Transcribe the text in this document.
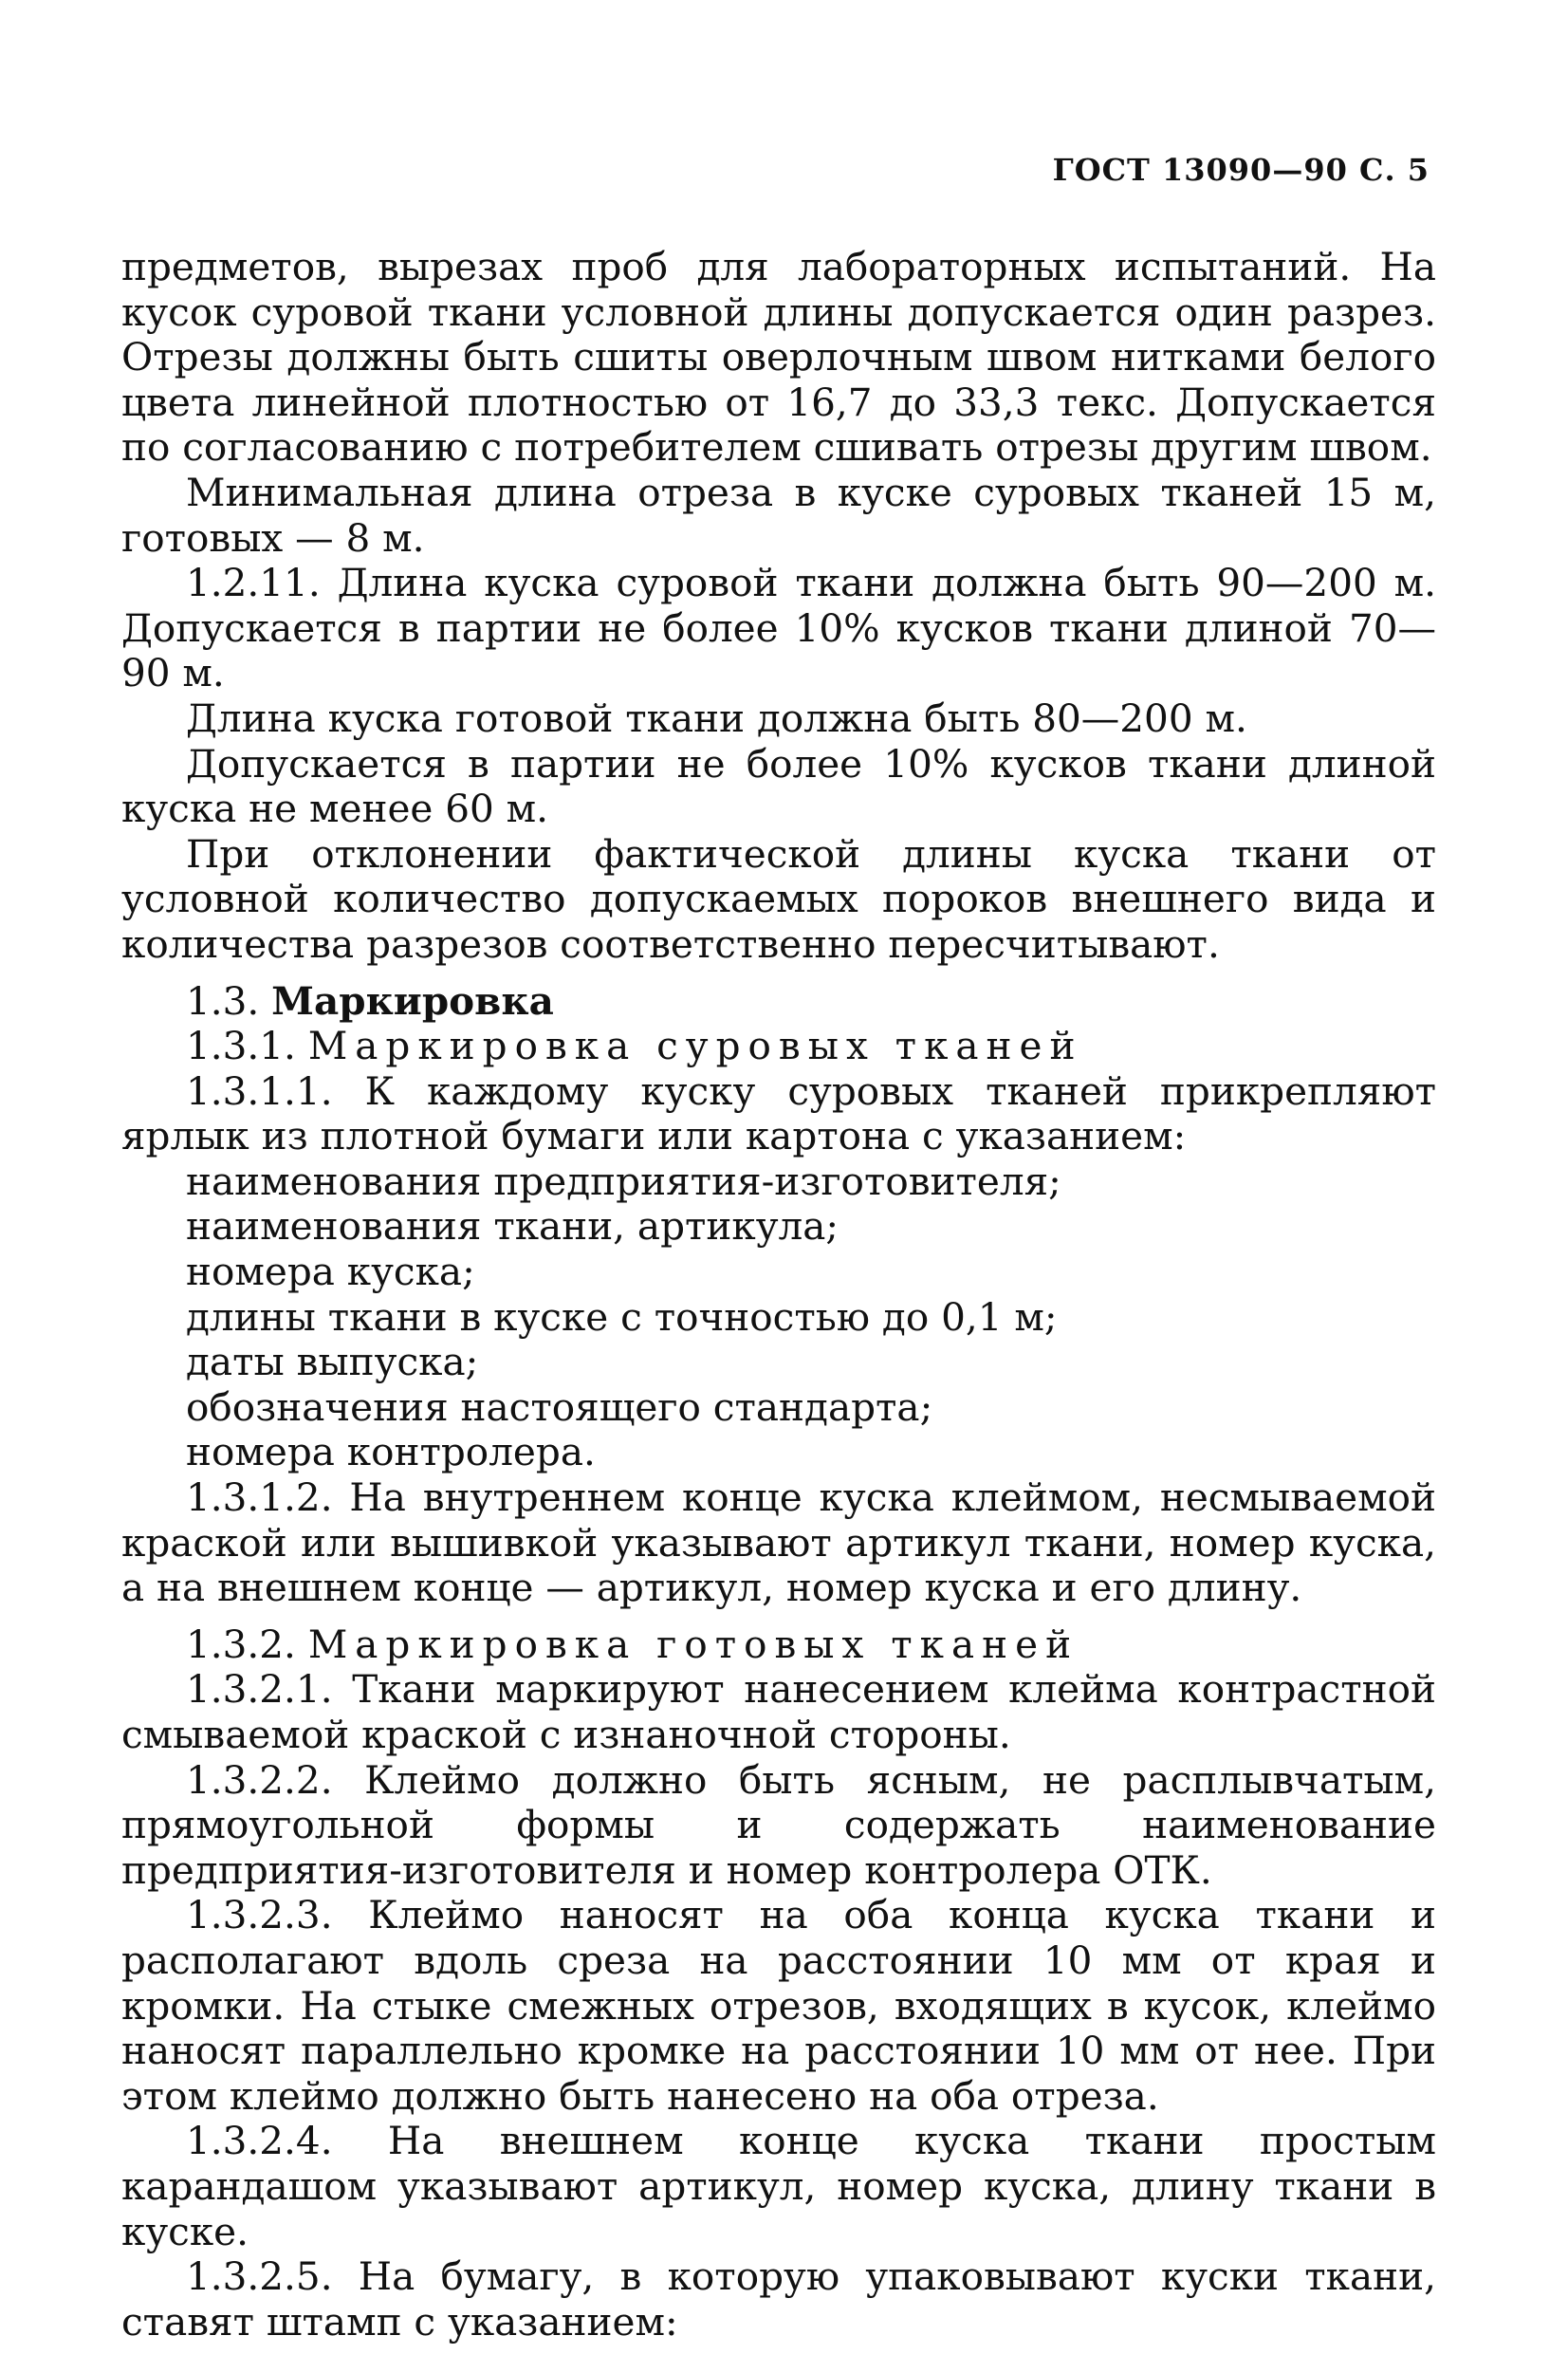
ГОСТ 13090—90 С. 5

предметов, вырезах проб для лабораторных испытаний. На кусок суровой ткани условной длины допускается один разрез. Отрезы должны быть сшиты оверлочным швом нитками белого цвета линейной плотностью от 16,7 до 33,3 текс. Допускается по согласованию с потребителем сшивать отрезы другим швом.

Минимальная длина отреза в куске суровых тканей 15 м, готовых — 8 м.

1.2.11. Длина куска суровой ткани должна быть 90—200 м. Допускается в партии не более 10% кусков ткани длиной 70—90 м.

Длина куска готовой ткани должна быть 80—200 м.

Допускается в партии не более 10% кусков ткани длиной куска не менее 60 м.

При отклонении фактической длины куска ткани от условной количество допускаемых пороков внешнего вида и количества разрезов соответственно пересчитывают.

1.3. Маркировка

1.3.1. Маркировка суровых тканей

1.3.1.1. К каждому куску суровых тканей прикрепляют ярлык из плотной бумаги или картона с указанием:

наименования предприятия-изготовителя;

наименования ткани, артикула;

номера куска;

длины ткани в куске с точностью до 0,1 м;

даты выпуска;

обозначения настоящего стандарта;

номера контролера.

1.3.1.2. На внутреннем конце куска клеймом, несмываемой краской или вышивкой указывают артикул ткани, номер куска, а на внешнем конце — артикул, номер куска и его длину.

1.3.2. Маркировка готовых тканей

1.3.2.1. Ткани маркируют нанесением клейма контрастной смываемой краской с изнаночной стороны.

1.3.2.2. Клеймо должно быть ясным, не расплывчатым, прямоугольной формы и содержать наименование предприятия-изготовителя и номер контролера ОТК.

1.3.2.3. Клеймо наносят на оба конца куска ткани и располагают вдоль среза на расстоянии 10 мм от края и кромки. На стыке смежных отрезов, входящих в кусок, клеймо наносят параллельно кромке на расстоянии 10 мм от нее. При этом клеймо должно быть нанесено на оба отреза.

1.3.2.4. На внешнем конце куска ткани простым карандашом указывают артикул, номер куска, длину ткани в куске.

1.3.2.5. На бумагу, в которую упаковывают куски ткани, ставят штамп с указанием:
